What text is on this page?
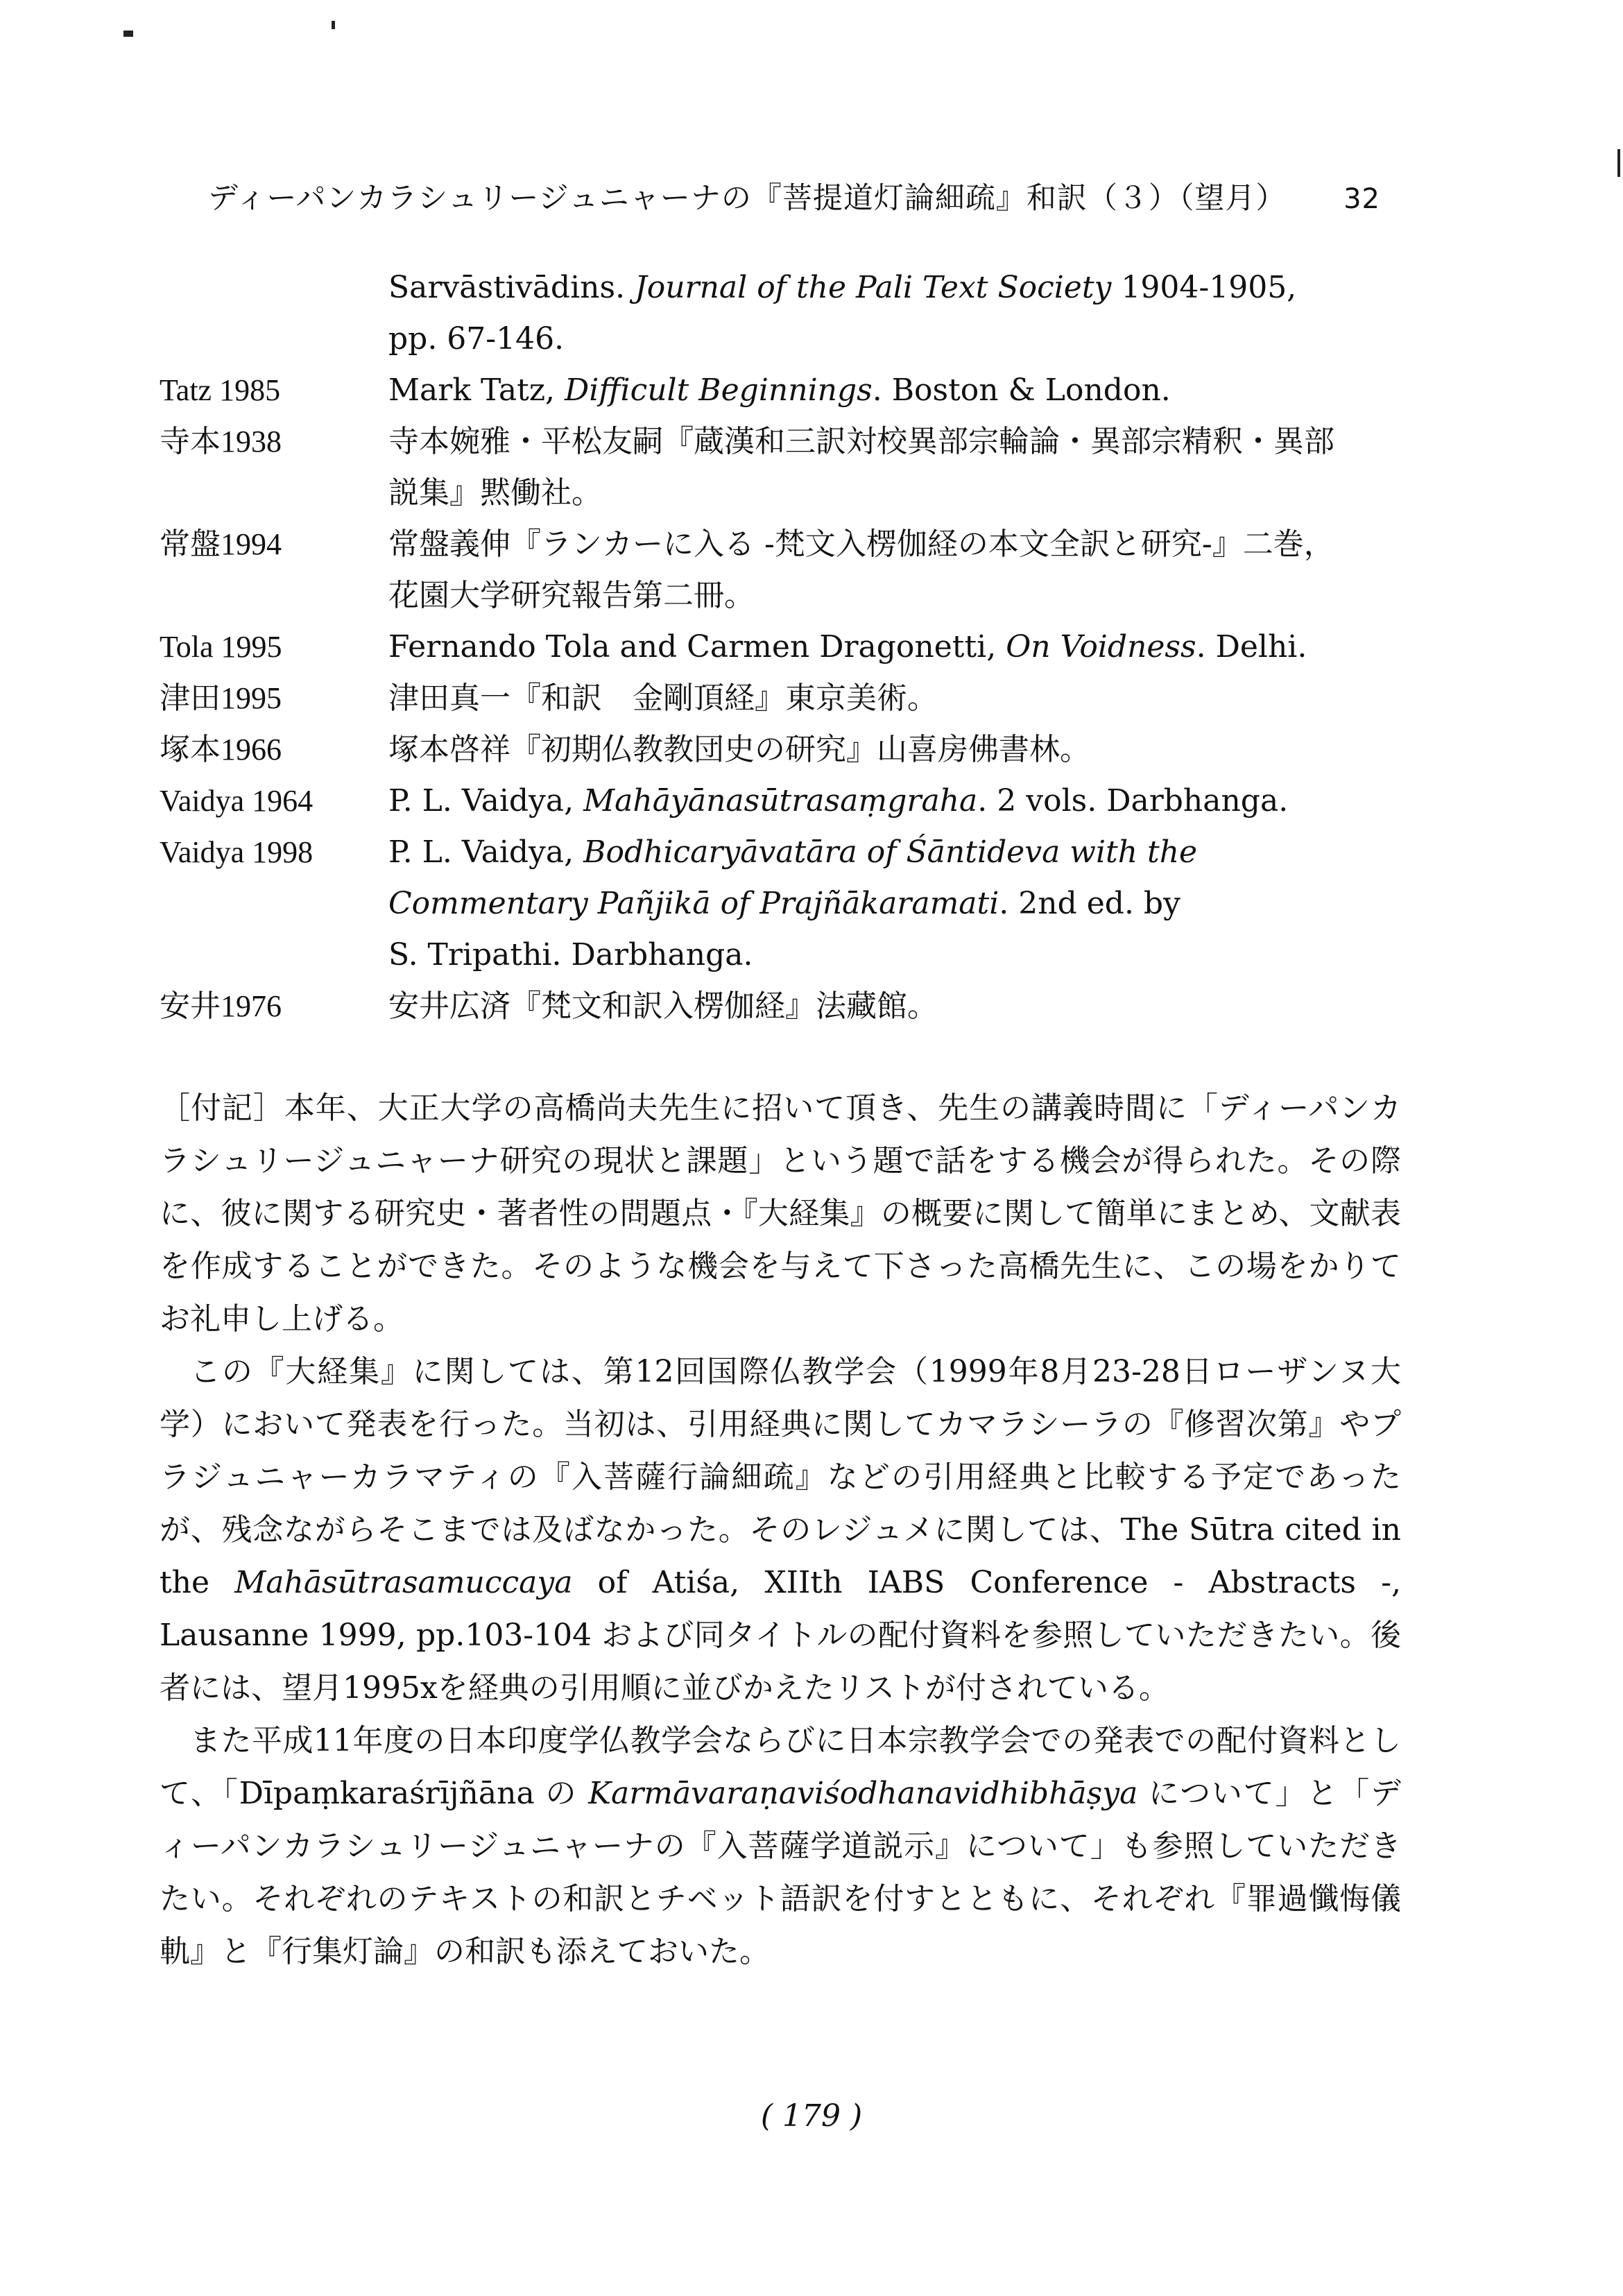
ディーパンカラシュリージュニャーナの『菩提道灯論細疏』和訳（３）（望月） 32
Sarvāstivādins. Journal of the Pali Text Society 1904-1905,
pp. 67-146.
Tatz 1985	Mark Tatz, Difficult Beginnings. Boston & London.
寺本1938	寺本婉雅・平松友嗣『蔵漢和三訳対校異部宗輪論・異部宗精釈・異部
説集』黙働社。
常盤1994	常盤義伸『ランカーに入る -梵文入楞伽経の本文全訳と研究-』二巻，
花園大学研究報告第二冊。
Tola 1995	Fernando Tola and Carmen Dragonetti, On Voidness. Delhi.
津田1995	津田真一『和訳　金剛頂経』東京美術。
塚本1966	塚本啓祥『初期仏教教団史の研究』山喜房佛書林。
Vaidya 1964	P. L. Vaidya, Mahāyānasūtrasaṃgraha. 2 vols. Darbhanga.
Vaidya 1998	P. L. Vaidya, Bodhicaryāvatāra of Śāntideva with the
Commentary Pañjikā of Prajñākaramati. 2nd ed. by
S. Tripathi. Darbhanga.
安井1976	安井広済『梵文和訳入楞伽経』法藏館。

［付記］本年、大正大学の高橋尚夫先生に招いて頂き、先生の講義時間に「ディーパンカラシュリージュニャーナ研究の現状と課題」という題で話をする機会が得られた。その際に、彼に関する研究史・著者性の問題点・『大経集』の概要に関して簡単にまとめ、文献表を作成することができた。そのような機会を与えて下さった高橋先生に、この場をかりてお礼申し上げる。

この『大経集』に関しては、第12回国際仏教学会（1999年8月23-28日ローザンヌ大学）において発表を行った。当初は、引用経典に関してカマラシーラの『修習次第』やプラジュニャーカラマティの『入菩薩行論細疏』などの引用経典と比較する予定であったが、残念ながらそこまでは及ばなかった。そのレジュメに関しては、The Sūtra cited in the Mahāsūtrasamuccaya of Atiśa, XIIth IABS Conference - Abstracts -, Lausanne 1999, pp.103-104 および同タイトルの配付資料を参照していただきたい。後者には、望月1995xを経典の引用順に並びかえたリストが付されている。

また平成11年度の日本印度学仏教学会ならびに日本宗教学会での発表での配付資料として、「Dīpaṃkaraśrījñāna の Karmāvaraṇaviśodhanavidhibhāṣya について」と「ディーパンカラシュリージュニャーナの『入菩薩学道説示』について」も参照していただきたい。それぞれのテキストの和訳とチベット語訳を付すとともに、それぞれ『罪過懺悔儀軌』と『行集灯論』の和訳も添えておいた。

( 179 )
